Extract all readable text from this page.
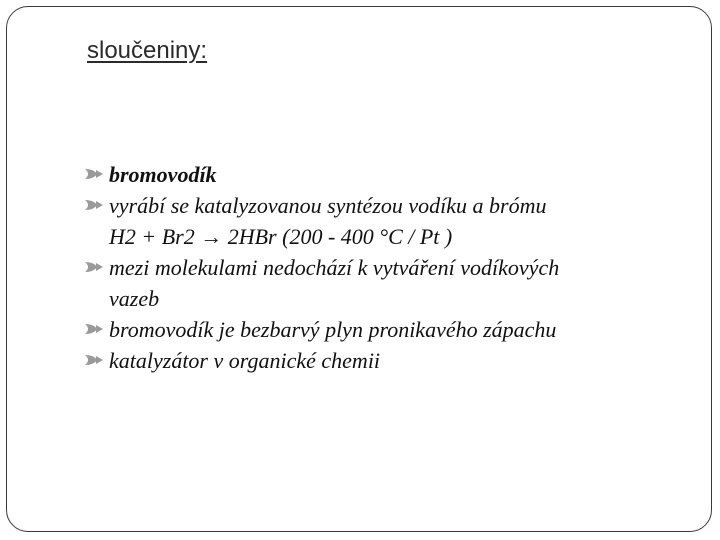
sloučeniny:
bromovodík
vyrábí se katalyzovanou syntézou vodíku a brómu
H2 + Br2 → 2HBr (200 - 400 °C / Pt )
mezi molekulami nedochází k vytváření vodíkových
vazeb
bromovodík je bezbarvý plyn pronikavého zápachu
katalyzátor v organické chemii
